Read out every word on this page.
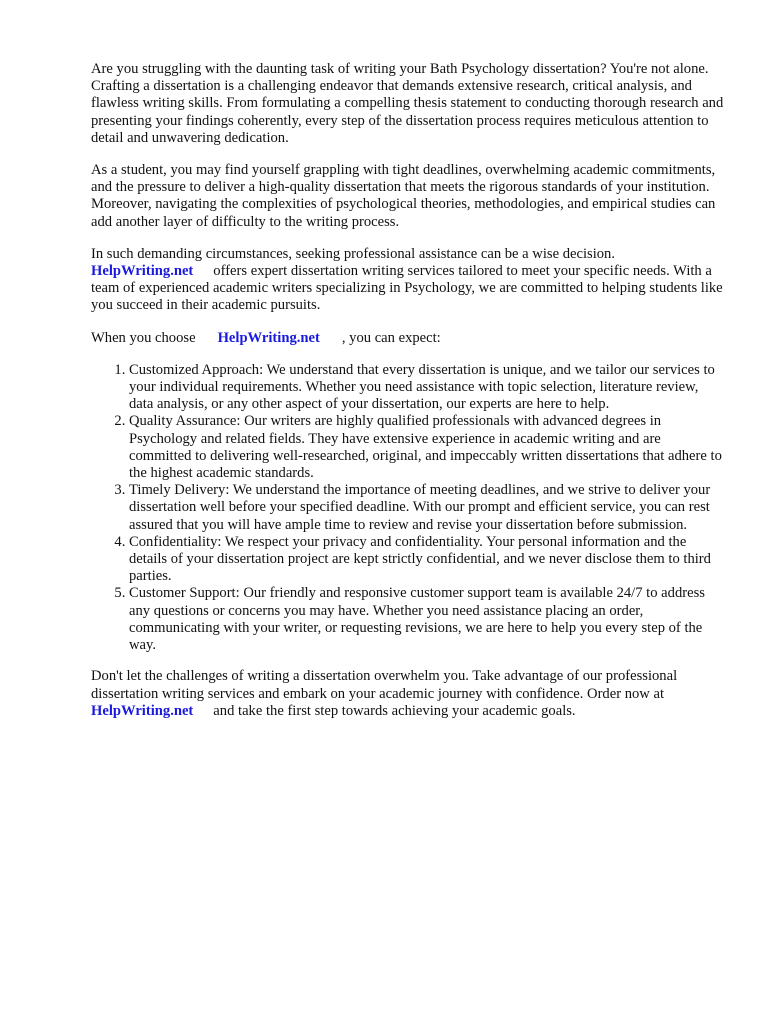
Are you struggling with the daunting task of writing your Bath Psychology dissertation? You're not alone. Crafting a dissertation is a challenging endeavor that demands extensive research, critical analysis, and flawless writing skills. From formulating a compelling thesis statement to conducting thorough research and presenting your findings coherently, every step of the dissertation process requires meticulous attention to detail and unwavering dedication.

As a student, you may find yourself grappling with tight deadlines, overwhelming academic commitments, and the pressure to deliver a high-quality dissertation that meets the rigorous standards of your institution. Moreover, navigating the complexities of psychological theories, methodologies, and empirical studies can add another layer of difficulty to the writing process.

In such demanding circumstances, seeking professional assistance can be a wise decision.
HelpWriting.net offers expert dissertation writing services tailored to meet your specific needs. With a team of experienced academic writers specializing in Psychology, we are committed to helping students like you succeed in their academic pursuits.

When you choose HelpWriting.net , you can expect:

1. Customized Approach: We understand that every dissertation is unique, and we tailor our services to your individual requirements. Whether you need assistance with topic selection, literature review, data analysis, or any other aspect of your dissertation, our experts are here to help.
2. Quality Assurance: Our writers are highly qualified professionals with advanced degrees in Psychology and related fields. They have extensive experience in academic writing and are committed to delivering well-researched, original, and impeccably written dissertations that adhere to the highest academic standards.
3. Timely Delivery: We understand the importance of meeting deadlines, and we strive to deliver your dissertation well before your specified deadline. With our prompt and efficient service, you can rest assured that you will have ample time to review and revise your dissertation before submission.
4. Confidentiality: We respect your privacy and confidentiality. Your personal information and the details of your dissertation project are kept strictly confidential, and we never disclose them to third parties.
5. Customer Support: Our friendly and responsive customer support team is available 24/7 to address any questions or concerns you may have. Whether you need assistance placing an order, communicating with your writer, or requesting revisions, we are here to help you every step of the way.

Don't let the challenges of writing a dissertation overwhelm you. Take advantage of our professional dissertation writing services and embark on your academic journey with confidence. Order now at
HelpWriting.net and take the first step towards achieving your academic goals.
